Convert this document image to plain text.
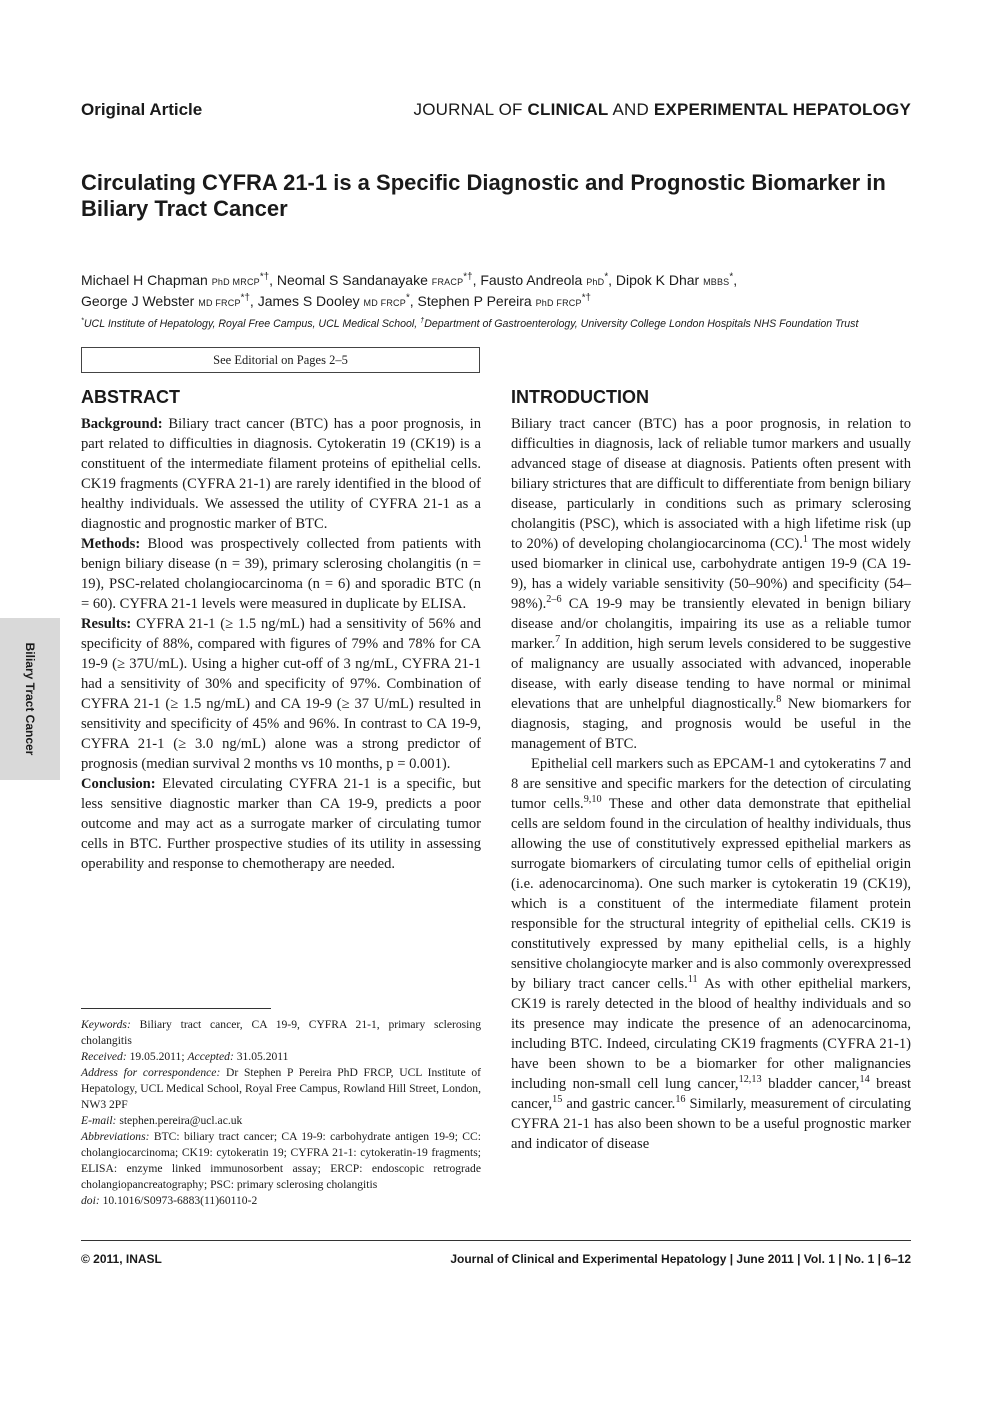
Original Article	JOURNAL OF CLINICAL AND EXPERIMENTAL HEPATOLOGY
Circulating CYFRA 21-1 is a Specific Diagnostic and Prognostic Biomarker in Biliary Tract Cancer
Michael H Chapman PhD MRCP*†, Neomal S Sandanayake FRACP*†, Fausto Andreola PhD*, Dipok K Dhar MBBS*,
George J Webster MD FRCP*†, James S Dooley MD FRCP*, Stephen P Pereira PhD FRCP*†
*UCL Institute of Hepatology, Royal Free Campus, UCL Medical School, †Department of Gastroenterology, University College London Hospitals NHS Foundation Trust
See Editorial on Pages 2–5
ABSTRACT	INTRODUCTION

Background: Biliary tract cancer (BTC) has a poor prognosis, in part related to difficulties in diagnosis. Cytokeratin 19 (CK19) is a constituent of the intermediate filament proteins of epithelial cells. CK19 fragments (CYFRA 21-1) are rarely identified in the blood of healthy individuals. We assessed the utility of CYFRA 21-1 as a diagnostic and prognostic marker of BTC.

Methods: Blood was prospectively collected from patients with benign biliary disease (n = 39), primary sclerosing cholangitis (n = 19), PSC-related cholangiocarcinoma (n = 6) and sporadic BTC (n = 60). CYFRA 21-1 levels were measured in duplicate by ELISA.

Results: CYFRA 21-1 (≥ 1.5 ng/mL) had a sensitivity of 56% and specificity of 88%, compared with figures of 79% and 78% for CA 19-9 (≥ 37U/mL). Using a higher cut-off of 3 ng/mL, CYFRA 21-1 had a sensitivity of 30% and specificity of 97%. Combination of CYFRA 21-1 (≥ 1.5 ng/mL) and CA 19-9 (≥ 37 U/mL) resulted in sensitivity and specificity of 45% and 96%. In contrast to CA 19-9, CYFRA 21-1 (≥ 3.0 ng/mL) alone was a strong predictor of prognosis (median survival 2 months vs 10 months, p = 0.001).

Conclusion: Elevated circulating CYFRA 21-1 is a specific, but less sensitive diagnostic marker than CA 19-9, predicts a poor outcome and may act as a surrogate marker of circulating tumor cells in BTC. Further prospective studies of its utility in assessing operability and response to chemotherapy are needed.

Biliary Tract Cancer

Keywords: Biliary tract cancer, CA 19-9, CYFRA 21-1, primary sclerosing cholangitis

Received: 19.05.2011; Accepted: 31.05.2011

Address for correspondence: Dr Stephen P Pereira PhD FRCP, UCL Institute of Hepatology, UCL Medical School, Royal Free Campus, Rowland Hill Street, London, NW3 2PF

E-mail: stephen.pereira@ucl.ac.uk

Abbreviations: BTC: biliary tract cancer; CA 19-9: carbohydrate antigen 19-9; CC: cholangiocarcinoma; CK19: cytokeratin 19; CYFRA 21-1: cytokeratin-19 fragments; ELISA: enzyme linked immunosorbent assay; ERCP: endoscopic retrograde cholangiopancreatography; PSC: primary sclerosing cholangitis

doi: 10.1016/S0973-6883(11)60110-2

Biliary tract cancer (BTC) has a poor prognosis, in relation to difficulties in diagnosis, lack of reliable tumor markers and usually advanced stage of disease at diagnosis. Patients often present with biliary strictures that are difficult to differentiate from benign biliary disease, particularly in conditions such as primary sclerosing cholangitis (PSC), which is associated with a high lifetime risk (up to 20%) of developing cholangiocarcinoma (CC).$^1$ The most widely used biomarker in clinical use, carbohydrate antigen 19-9 (CA 19-9), has a widely variable sensitivity (50–90%) and specificity (54–98%).$^{2-6}$ CA 19-9 may be transiently elevated in benign biliary disease and/or cholangitis, impairing its use as a reliable tumor marker.$^7$ In addition, high serum levels considered to be suggestive of malignancy are usually associated with advanced, inoperable disease, with early disease tending to have normal or minimal elevations that are unhelpful diagnostically.$^8$ New biomarkers for diagnosis, staging, and prognosis would be useful in the management of BTC.

Epithelial cell markers such as EPCAM-1 and cytokeratins 7 and 8 are sensitive and specific markers for the detection of circulating tumor cells.$^{9,10}$ These and other data demonstrate that epithelial cells are seldom found in the circulation of healthy individuals, thus allowing the use of constitutively expressed epithelial markers as surrogate biomarkers of circulating tumor cells of epithelial origin (i.e. adenocarcinoma). One such marker is cytokeratin 19 (CK19), which is a constituent of the intermediate filament protein responsible for the structural integrity of epithelial cells. CK19 is constitutively expressed by many epithelial cells, is a highly sensitive cholangiocyte marker and is also commonly overexpressed by biliary tract cancer cells.$^{11}$ As with other epithelial markers, CK19 is rarely detected in the blood of healthy individuals and so its presence may indicate the presence of an adenocarcinoma, including BTC. Indeed, circulating CK19 fragments (CYFRA 21-1) have been shown to be a biomarker for other malignancies including non-small cell lung cancer,$^{12,13}$ bladder cancer,$^{14}$ breast cancer,$^{15}$ and gastric cancer.$^{16}$ Similarly, measurement of circulating CYFRA 21-1 has also been shown to be a useful prognostic marker and indicator of disease

© 2011, INASL	Journal of Clinical and Experimental Hepatology | June 2011 | Vol. 1 | No. 1 | 6–12
